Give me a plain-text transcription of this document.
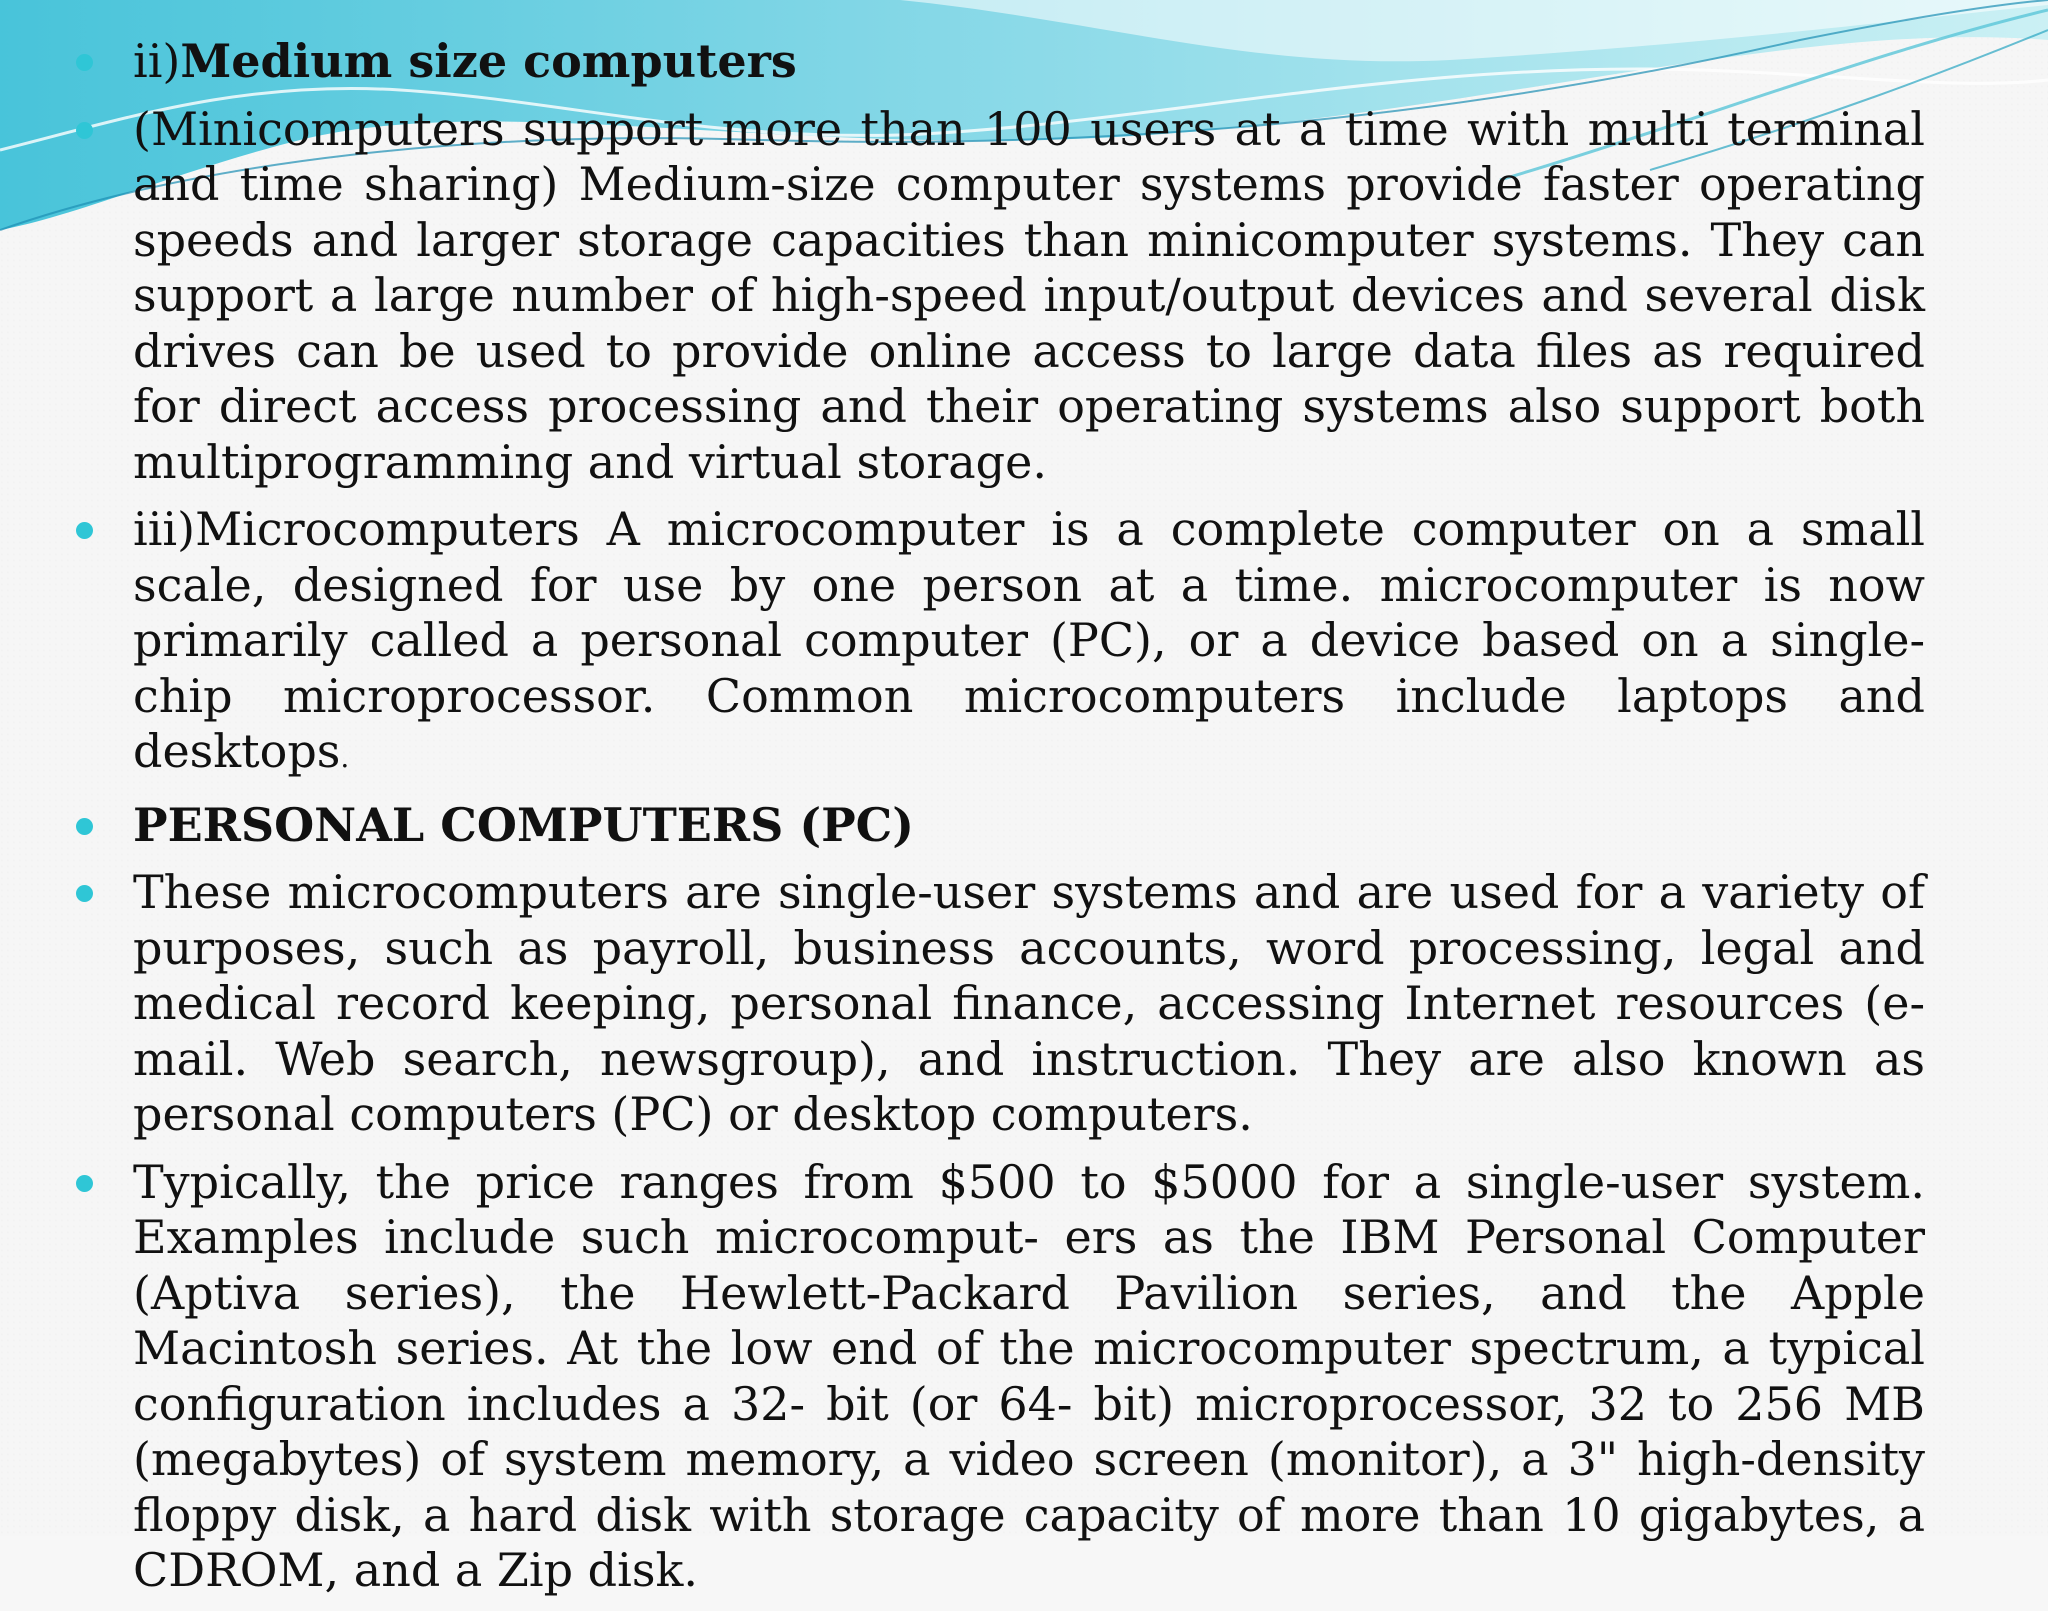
ii)Medium size computers
(Minicomputers support more than 100 users at a time with multi terminal and time sharing) Medium-size computer systems provide faster operating speeds and larger storage capacities than minicomputer systems. They can support a large number of high-speed input/output devices and several disk drives can be used to provide online access to large data files as required for direct access processing and their operating systems also support both multiprogramming and virtual storage.
iii)Microcomputers A microcomputer is a complete computer on a small scale, designed for use by one person at a time. microcomputer is now primarily called a personal computer (PC), or a device based on a single-chip microprocessor. Common microcomputers include laptops and desktops.
PERSONAL COMPUTERS (PC)
These microcomputers are single-user systems and are used for a variety of purposes, such as payroll, business accounts, word processing, legal and medical record keeping, personal finance, accessing Internet resources (e-mail. Web search, newsgroup), and instruction. They are also known as personal computers (PC) or desktop computers.
Typically, the price ranges from $500 to $5000 for a single-user system. Examples include such microcomput- ers as the IBM Personal Computer (Aptiva series), the Hewlett-Packard Pavilion series, and the Apple Macintosh series. At the low end of the microcomputer spectrum, a typical configuration includes a 32- bit (or 64- bit) microprocessor, 32 to 256 MB (megabytes) of system memory, a video screen (monitor), a 3" high-density floppy disk, a hard disk with storage capacity of more than 10 gigabytes, a CDROM, and a Zip disk.
